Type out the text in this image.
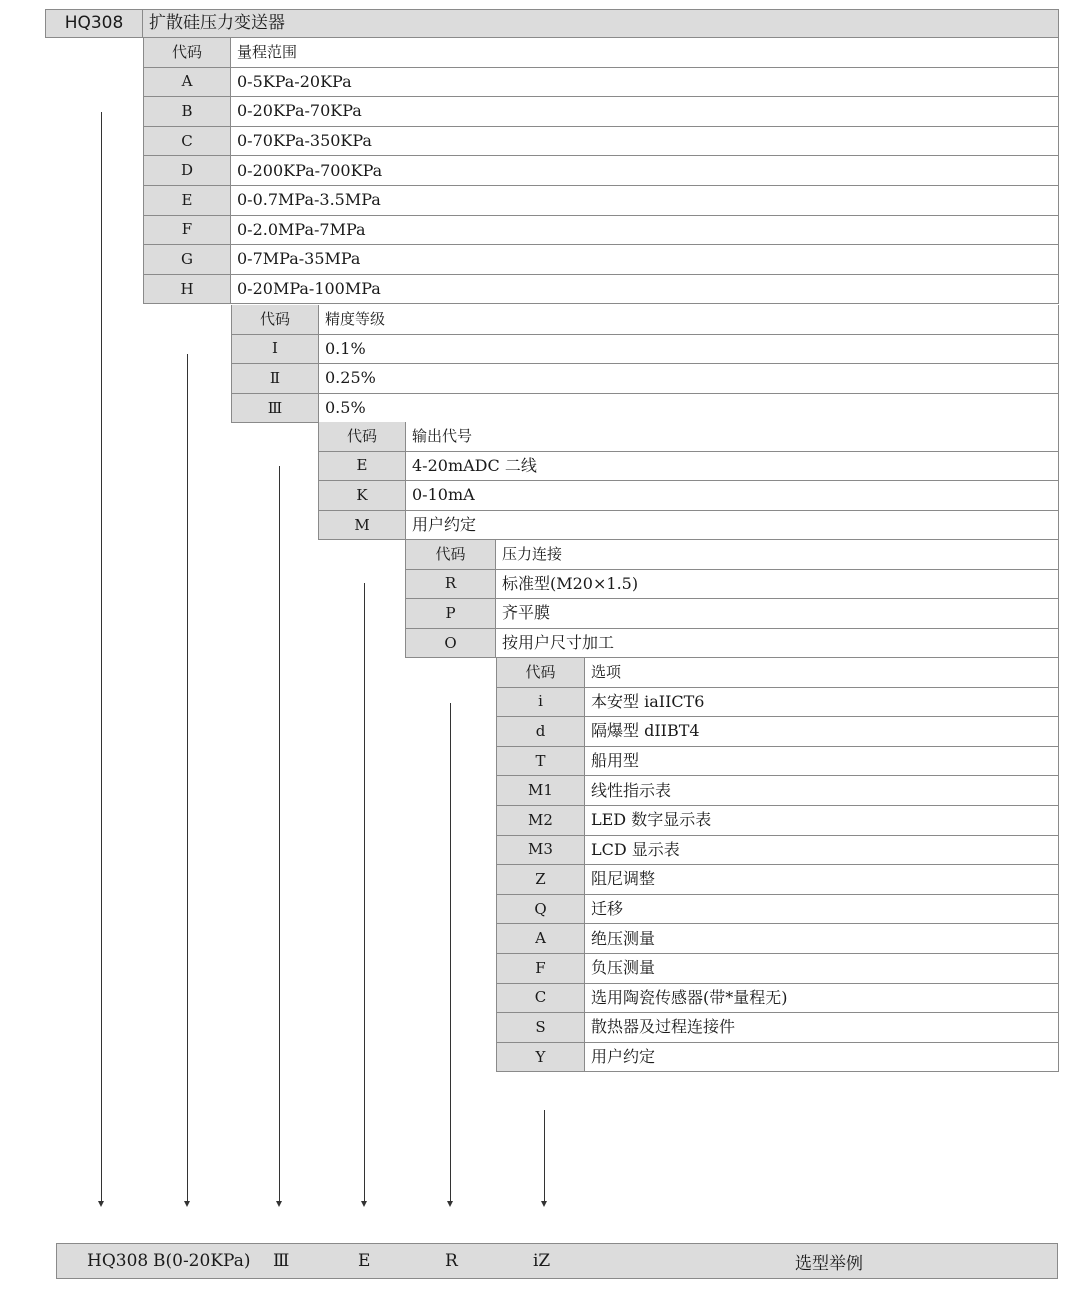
HQ308	扩散硅压力变送器
代码	量程范围
A	0-5KPa-20KPa
B	0-20KPa-70KPa
C	0-70KPa-350KPa
D	0-200KPa-700KPa
E	0-0.7MPa-3.5MPa
F	0-2.0MPa-7MPa
G	0-7MPa-35MPa
H	0-20MPa-100MPa
代码	精度等级
I	0.1%
Ⅱ	0.25%
Ⅲ	0.5%
代码	输出代号
E	4-20mADC 二线
K	0-10mA
M	用户约定
代码	压力连接
R	标准型(M20×1.5)
P	齐平膜
O	按用户尺寸加工
代码	选项
i	本安型 iaIICT6
d	隔爆型 dIIBT4
T	船用型
M1	线性指示表
M2	LED 数字显示表
M3	LCD 显示表
Z	阻尼调整
Q	迁移
A	绝压测量
F	负压测量
C	选用陶瓷传感器(带*量程无)
S	散热器及过程连接件
Y	用户约定
HQ308 B(0-20KPa) Ⅲ	E	R	iZ	选型举例
